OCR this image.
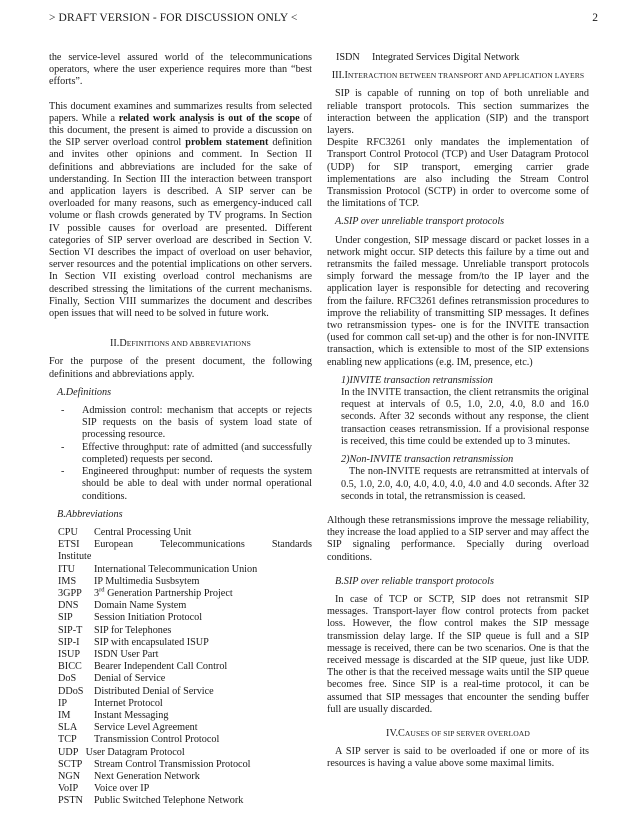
> DRAFT VERSION - FOR DISCUSSION ONLY <	2
the service-level assured world of the telecommunications operators, where the user experience requires more than “best efforts”.
This document examines and summarizes results from selected papers. While a related work analysis is out of the scope of this document, the present is aimed to provide a discussion on the SIP server overload control problem statement definition and invites other opinions and comment. In Section II definitions and abbreviations are included for the sake of understanding. In Section III the interaction between transport and application layers is described. A SIP server can be overloaded for many reasons, such as emergency-induced call volume or flash crowds generated by TV programs. In Section IV possible causes for overload are presented. Different categories of SIP server overload are described in Section V. Section VI describes the impact of overload on user behavior, server resources and the potential implications on other servers. In Section VII existing overload control mechanisms are described stressing the limitations of the current mechanisms. Finally, Section VIII summarizes the document and describes open issues that will need to be solved in future work.
II.DEFINITIONS AND ABBREVIATIONS
For the purpose of the present document, the following definitions and abbreviations apply.
A.Definitions
- Admission control: mechanism that accepts or rejects SIP requests on the basis of system load state of processing resource.
- Effective throughput: rate of admitted (and successfully completed) requests per second.
- Engineered throughput: number of requests the system should be able to deal with under normal operational conditions.
B.Abbreviations
CPU	Central Processing Unit
ETSI	European	Telecommunications	Standards
Institute
ITU	International Telecommunication Union
IMS	IP Multimedia Susbsytem
3GPP	3rd Generation Partnership Project
DNS	Domain Name System
SIP	Session Initiation Protocol
SIP-T	SIP for Telephones
SIP-I	SIP with encapsulated ISUP
ISUP	ISDN User Part
BICC	Bearer Independent Call Control
DoS	Denial of Service
DDoS	Distributed Denial of Service
IP	Internet Protocol
IM	Instant Messaging
SLA	Service Level Agreement
TCP	Transmission Control Protocol
UDP   User Datagram Protocol
SCTP	Stream Control Transmission Protocol
NGN	Next Generation Network
VoIP	Voice over IP
PSTN	Public Switched Telephone Network
ISDN	Integrated Services Digital Network
III.INTERACTION BETWEEN TRANSPORT AND APPLICATION LAYERS
SIP is capable of running on top of both unreliable and reliable transport protocols. This section summarizes the interaction between the application (SIP) and the transport layers.
Despite RFC3261 only mandates the implementation of Transport Control Protocol (TCP) and User Datagram Protocol (UDP) for SIP transport, emerging carrier grade implementations are also including the Stream Control Transmission Protocol (SCTP) in order to overcome some of the limitations of TCP.
A.SIP over unreliable transport protocols
Under congestion, SIP message discard or packet losses in a network might occur. SIP detects this failure by a time out and retransmits the failed message. Unreliable transport protocols simply forward the message from/to the IP layer and the application layer is responsible for detecting and recovering from the failure. RFC3261 defines retransmission procedures to improve the reliability of transmitting SIP messages. It defines two retransmission types- one is for the INVITE transaction (used for common call set-up) and the other is for non-INVITE transaction, which is extensible to most of the SIP extensions enabling new applications (e.g. IM, presence, etc.)
1)INVITE transaction retransmission
In the INVITE transaction, the client retransmits the original request at intervals of 0.5, 1.0, 2.0, 4.0, 8.0 and 16.0 seconds. After 32 seconds without any response, the client transaction ceases retransmission. If a provisional response is received, this time could be extended up to 3 minutes.
2)Non-INVITE transaction retransmission
The non-INVITE requests are retransmitted at intervals of 0.5, 1.0, 2.0, 4.0, 4.0, 4.0, 4.0, 4.0 and 4.0 seconds. After 32 seconds in total, the retransmission is ceased.
Although these retransmissions improve the message reliability, they increase the load applied to a SIP server and may affect the SIP signaling performance. Specially during overload conditions.
B.SIP over reliable transport protocols
In case of TCP or SCTP, SIP does not retransmit SIP messages. Transport-layer flow control protects from packet loss. However, the flow control makes the SIP message transmission delay large. If the SIP queue is full and a SIP message is received, there can be two scenarios. One is that the received message is discarded at the SIP queue, just like UDP. The other is that the received message waits until the SIP queue becomes free. Since SIP is a real-time protocol, it can be assumed that SIP messages that encounter the sending buffer full are usually discarded.
IV.CAUSES OF SIP SERVER OVERLOAD
A SIP server is said to be overloaded if one or more of its resources is having a value above some maximal limits.
